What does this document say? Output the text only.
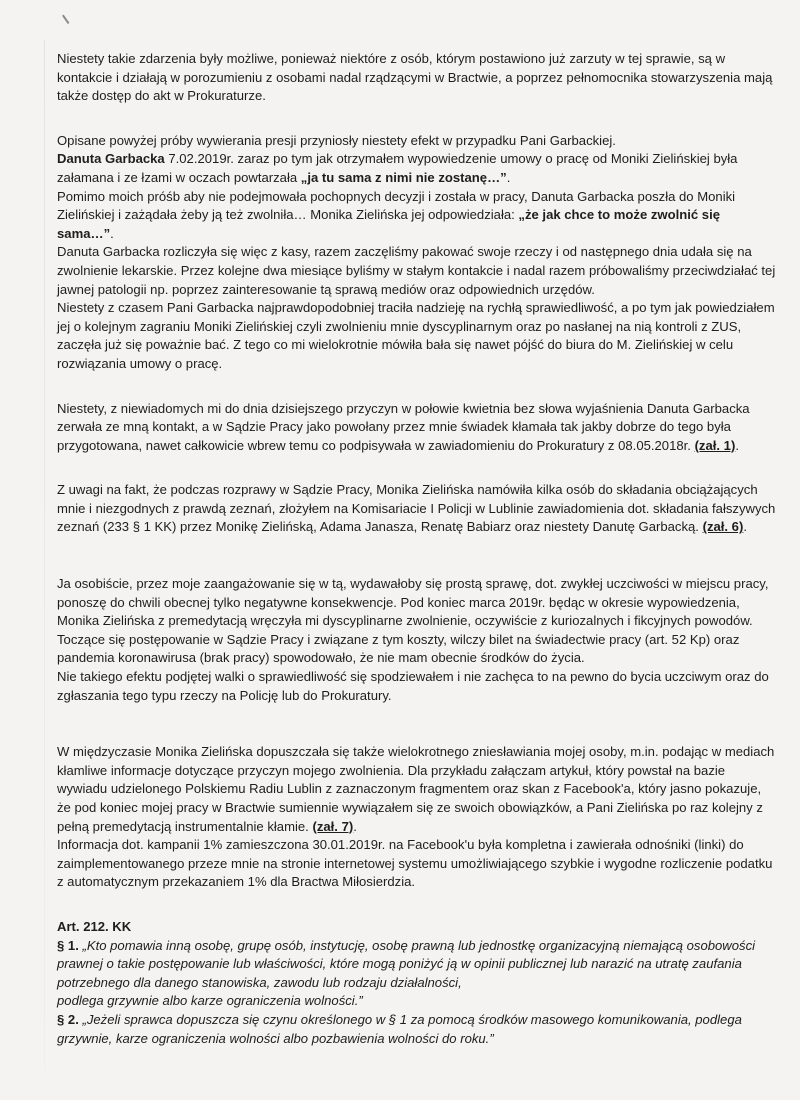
Niestety takie zdarzenia były możliwe, ponieważ niektóre z osób, którym postawiono już zarzuty w tej sprawie, są w kontakcie i działają w porozumieniu z osobami nadal rządzącymi w Bractwie, a poprzez pełnomocnika stowarzyszenia mają także dostęp do akt w Prokuraturze.

Opisane powyżej próby wywierania presji przyniosły niestety efekt w przypadku Pani Garbackiej.
Danuta Garbacka 7.02.2019r. zaraz po tym jak otrzymałem wypowiedzenie umowy o pracę od Moniki Zielińskiej była załamana i ze łzami w oczach powtarzała „ja tu sama z nimi nie zostanę…”.

Pomimo moich próśb aby nie podejmowała pochopnych decyzji i została w pracy, Danuta Garbacka poszła do Moniki Zielińskiej i zażądała żeby ją też zwolniła… Monika Zielińska jej odpowiedziała: „że jak chce to może zwolnić się sama…”.

Danuta Garbacka rozliczyła się więc z kasy, razem zaczęliśmy pakować swoje rzeczy i od następnego dnia udała się na zwolnienie lekarskie. Przez kolejne dwa miesiące byliśmy w stałym kontakcie i nadal razem próbowaliśmy przeciwdziałać tej jawnej patologii np. poprzez zainteresowanie tą sprawą mediów oraz odpowiednich urzędów.

Niestety z czasem Pani Garbacka najprawdopodobniej traciła nadzieję na rychłą sprawiedliwość, a po tym jak powiedziałem jej o kolejnym zagraniu Moniki Zielińskiej czyli zwolnieniu mnie dyscyplinarnym oraz po nasłanej na nią kontroli z ZUS, zaczęła już się poważnie bać. Z tego co mi wielokrotnie mówiła bała się nawet pójść do biura do M. Zielińskiej w celu rozwiązania umowy o pracę.

Niestety, z niewiadomych mi do dnia dzisiejszego przyczyn w połowie kwietnia bez słowa wyjaśnienia Danuta Garbacka zerwała ze mną kontakt, a w Sądzie Pracy jako powołany przez mnie świadek kłamała tak jakby dobrze do tego była przygotowana, nawet całkowicie wbrew temu co podpisywała w zawiadomieniu do Prokuratury z 08.05.2018r. (zał. 1).

Z uwagi na fakt, że podczas rozprawy w Sądzie Pracy, Monika Zielińska namówiła kilka osób do składania obciążających mnie i niezgodnych z prawdą zeznań, złożyłem na Komisariacie I Policji w Lublinie zawiadomienia dot. składania fałszywych zeznań (233 § 1 KK) przez Monikę Zielińską, Adama Janasza, Renatę Babiarz oraz niestety Danutę Garbacką. (zał. 6).

Ja osobiście, przez moje zaangażowanie się w tą, wydawałoby się prostą sprawę, dot. zwykłej uczciwości w miejscu pracy, ponoszę do chwili obecnej tylko negatywne konsekwencje. Pod koniec marca 2019r. będąc w okresie wypowiedzenia, Monika Zielińska z premedytacją wręczyła mi dyscyplinarne zwolnienie, oczywiście z kuriozalnych i fikcyjnych powodów.

Toczące się postępowanie w Sądzie Pracy i związane z tym koszty, wilczy bilet na świadectwie pracy (art. 52 Kp) oraz pandemia koronawirusa (brak pracy) spowodowało, że nie mam obecnie środków do życia.

Nie takiego efektu podjętej walki o sprawiedliwość się spodziewałem i nie zachęca to na pewno do bycia uczciwym oraz do zgłaszania tego typu rzeczy na Policję lub do Prokuratury.

W międzyczasie Monika Zielińska dopuszczała się także wielokrotnego zniesławiania mojej osoby, m.in. podając w mediach kłamliwe informacje dotyczące przyczyn mojego zwolnienia. Dla przykładu załączam artykuł, który powstał na bazie wywiadu udzielonego Polskiemu Radiu Lublin z zaznaczonym fragmentem oraz skan z Facebook'a, który jasno pokazuje, że pod koniec mojej pracy w Bractwie sumiennie wywiązałem się ze swoich obowiązków, a Pani Zielińska po raz kolejny z pełną premedytacją instrumentalnie kłamie. (zał. 7).

Informacja dot. kampanii 1% zamieszczona 30.01.2019r. na Facebook'u była kompletna i zawierała odnośniki (linki) do zaimplementowanego przeze mnie na stronie internetowej systemu umożliwiającego szybkie i wygodne rozliczenie podatku z automatycznym przekazaniem 1% dla Bractwa Miłosierdzia.

Art. 212. KK

§ 1. „Kto pomawia inną osobę, grupę osób, instytucję, osobę prawną lub jednostkę organizacyjną niemającą osobowości prawnej o takie postępowanie lub właściwości, które mogą poniżyć ją w opinii publicznej lub narazić na utratę zaufania potrzebnego dla danego stanowiska, zawodu lub rodzaju działalności,
podlega grzywnie albo karze ograniczenia wolności.”

§ 2. „Jeżeli sprawca dopuszcza się czynu określonego w § 1 za pomocą środków masowego komunikowania, podlega grzywnie, karze ograniczenia wolności albo pozbawienia wolności do roku.”
